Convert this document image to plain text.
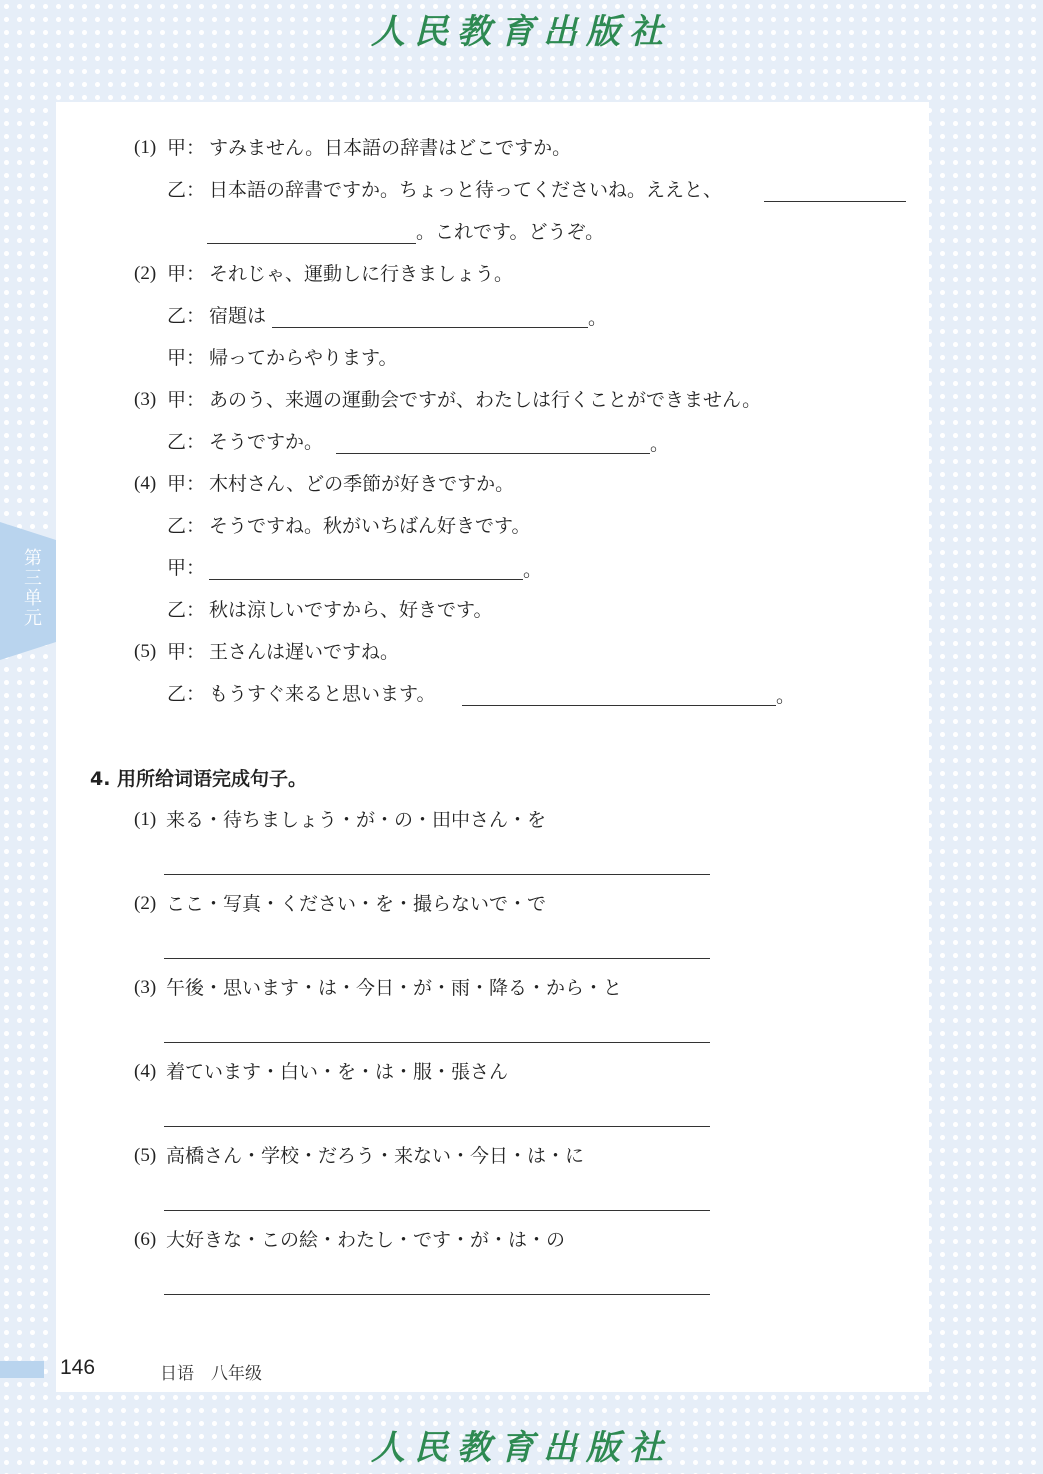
人民教育出版社
第三单元
(1) 甲： すみません。日本語の辞書はどこですか。
乙： 日本語の辞書ですか。ちょっと待ってくださいね。ええと、
。これです。どうぞ。
(2) 甲： それじゃ、運動しに行きましょう。
乙： 宿題は	。
甲： 帰ってからやります。
(3) 甲： あのう、来週の運動会ですが、わたしは行くことができません。
乙： そうですか。	。
(4) 甲： 木村さん、どの季節が好きですか。
乙： そうですね。秋がいちばん好きです。
甲：	。
乙： 秋は涼しいですから、好きです。
(5) 甲： 王さんは遅いですね。
乙： もうすぐ来ると思います。	。
4. 用所给词语完成句子。
(1) 来る・待ちましょう・が・の・田中さん・を
(2) ここ・写真・ください・を・撮らないで・で
(3) 午後・思います・は・今日・が・雨・降る・から・と
(4) 着ています・白い・を・は・服・張さん
(5) 高橋さん・学校・だろう・来ない・今日・は・に
(6) 大好きな・この絵・わたし・です・が・は・の
146	日语　八年级
人民教育出版社
